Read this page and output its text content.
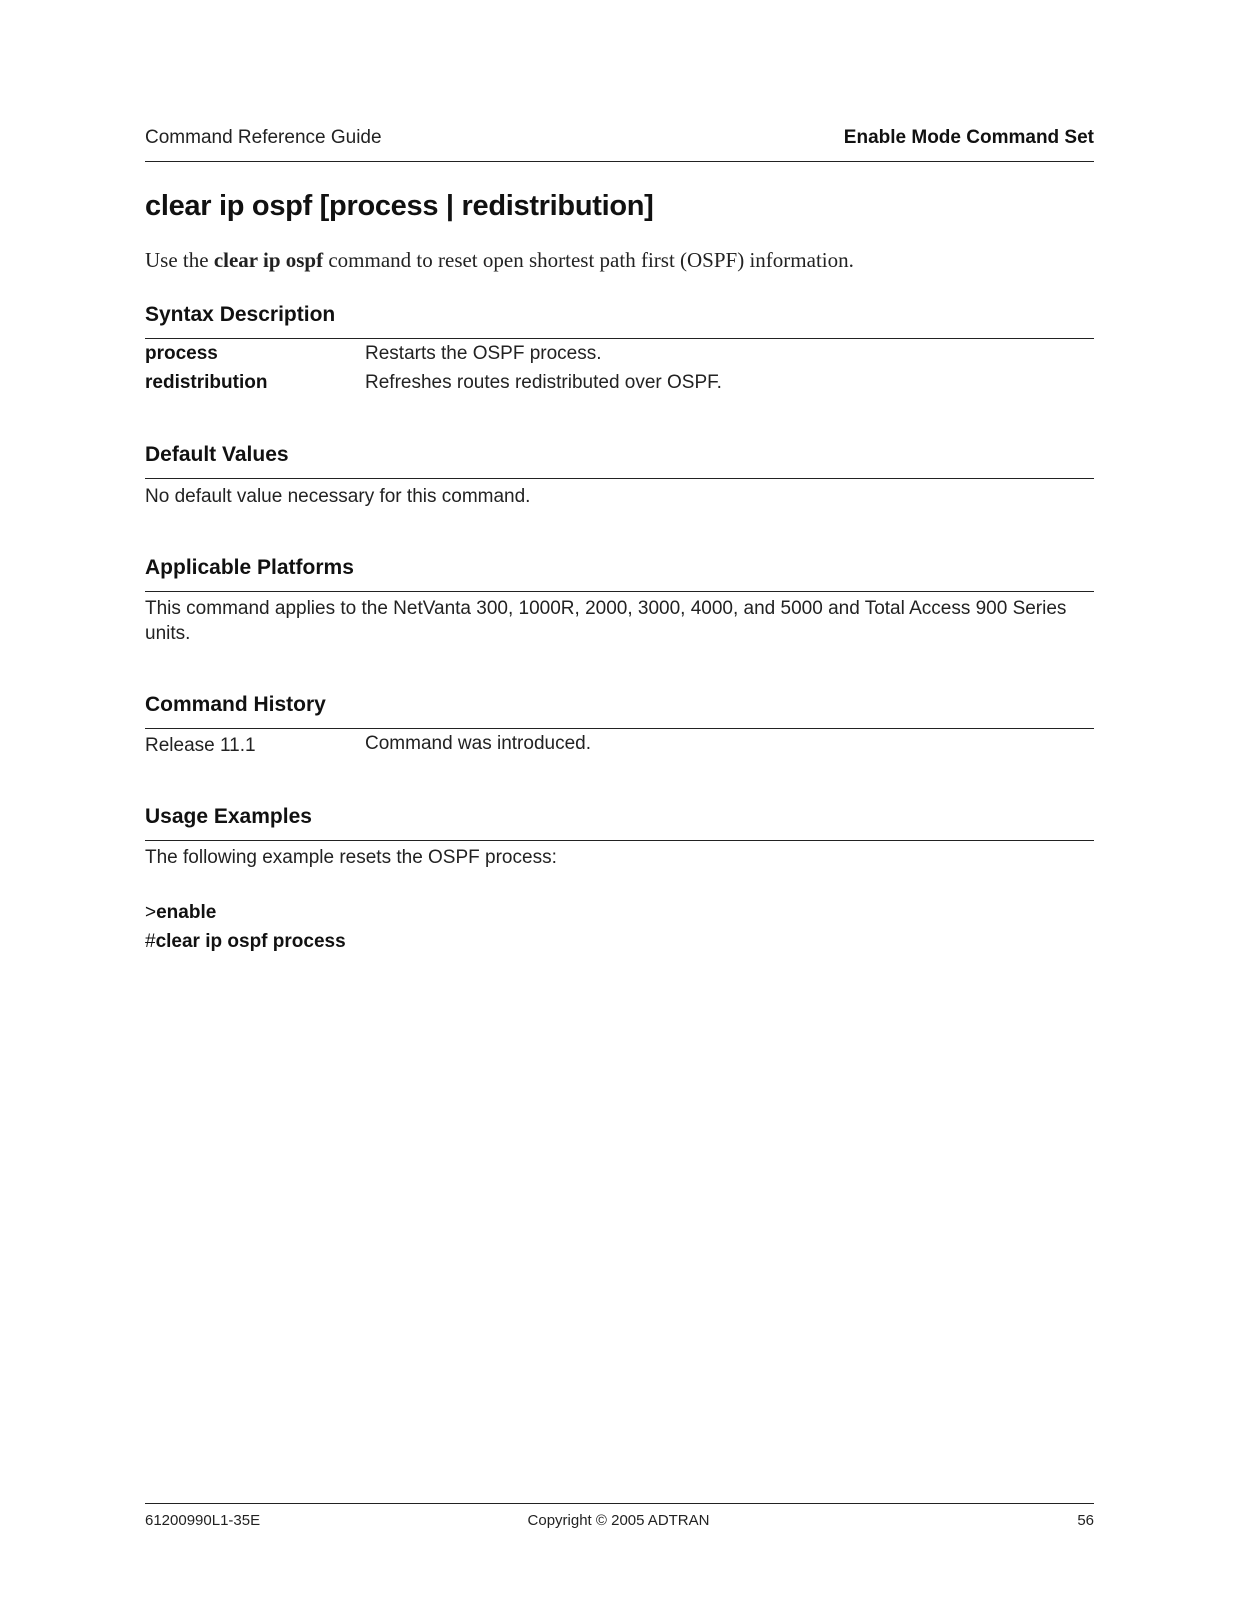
Command Reference Guide	Enable Mode Command Set
clear ip ospf [process | redistribution]
Use the clear ip ospf command to reset open shortest path first (OSPF) information.
Syntax Description
process	Restarts the OSPF process.
redistribution	Refreshes routes redistributed over OSPF.
Default Values
No default value necessary for this command.
Applicable Platforms
This command applies to the NetVanta 300, 1000R, 2000, 3000, 4000, and 5000 and Total Access 900 Series units.
Command History
Release 11.1	Command was introduced.
Usage Examples
The following example resets the OSPF process:
>enable
#clear ip ospf process
61200990L1-35E	Copyright © 2005 ADTRAN	56
